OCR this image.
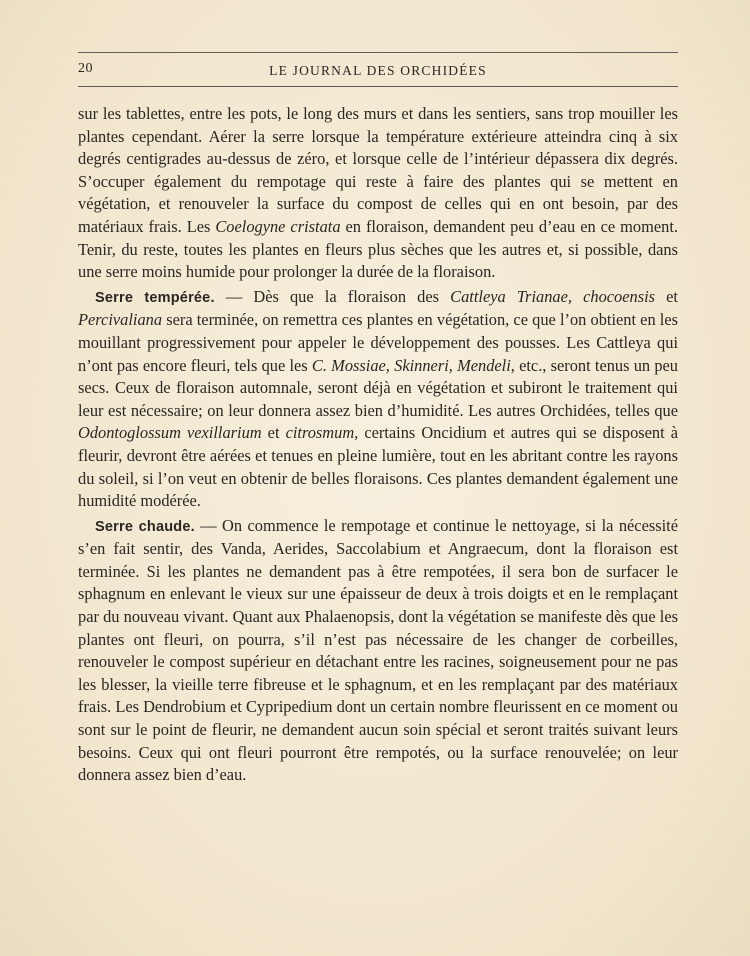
20	LE JOURNAL DES ORCHIDÉES

sur les tablettes, entre les pots, le long des murs et dans les sentiers, sans trop mouiller les plantes cependant. Aérer la serre lorsque la température extérieure atteindra cinq à six degrés centigrades au-dessus de zéro, et lorsque celle de l’intérieur dépassera dix degrés. S’occuper également du rempotage qui reste à faire des plantes qui se mettent en végétation, et renouveler la surface du compost de celles qui en ont besoin, par des matériaux frais. Les Coelogyne cristata en floraison, demandent peu d’eau en ce moment. Tenir, du reste, toutes les plantes en fleurs plus sèches que les autres et, si possible, dans une serre moins humide pour prolonger la durée de la floraison.

Serre tempérée. — Dès que la floraison des Cattleya Trianae, chocoensis et Percivaliana sera terminée, on remettra ces plantes en végétation, ce que l’on obtient en les mouillant progressivement pour appeler le développement des pousses. Les Cattleya qui n’ont pas encore fleuri, tels que les C. Mossiae, Skinneri, Mendeli, etc., seront tenus un peu secs. Ceux de floraison automnale, seront déjà en végétation et subiront le traitement qui leur est nécessaire; on leur donnera assez bien d’humidité. Les autres Orchidées, telles que Odontoglossum vexillarium et citrosmum, certains Oncidium et autres qui se disposent à fleurir, devront être aérées et tenues en pleine lumière, tout en les abritant contre les rayons du soleil, si l’on veut en obtenir de belles floraisons. Ces plantes demandent également une humidité modérée.

Serre chaude. — On commence le rempotage et continue le nettoyage, si la nécessité s’en fait sentir, des Vanda, Aerides, Saccolabium et Angraecum, dont la floraison est terminée. Si les plantes ne demandent pas à être rempotées, il sera bon de surfacer le sphagnum en enlevant le vieux sur une épaisseur de deux à trois doigts et en le remplaçant par du nouveau vivant. Quant aux Phalaenopsis, dont la végétation se manifeste dès que les plantes ont fleuri, on pourra, s’il n’est pas nécessaire de les changer de corbeilles, renouveler le compost supérieur en détachant entre les racines, soigneusement pour ne pas les blesser, la vieille terre fibreuse et le sphagnum, et en les remplaçant par des matériaux frais. Les Dendrobium et Cypripedium dont un certain nombre fleurissent en ce moment ou sont sur le point de fleurir, ne demandent aucun soin spécial et seront traités suivant leurs besoins. Ceux qui ont fleuri pourront être rempotés, ou la surface renouvelée; on leur donnera assez bien d’eau.
